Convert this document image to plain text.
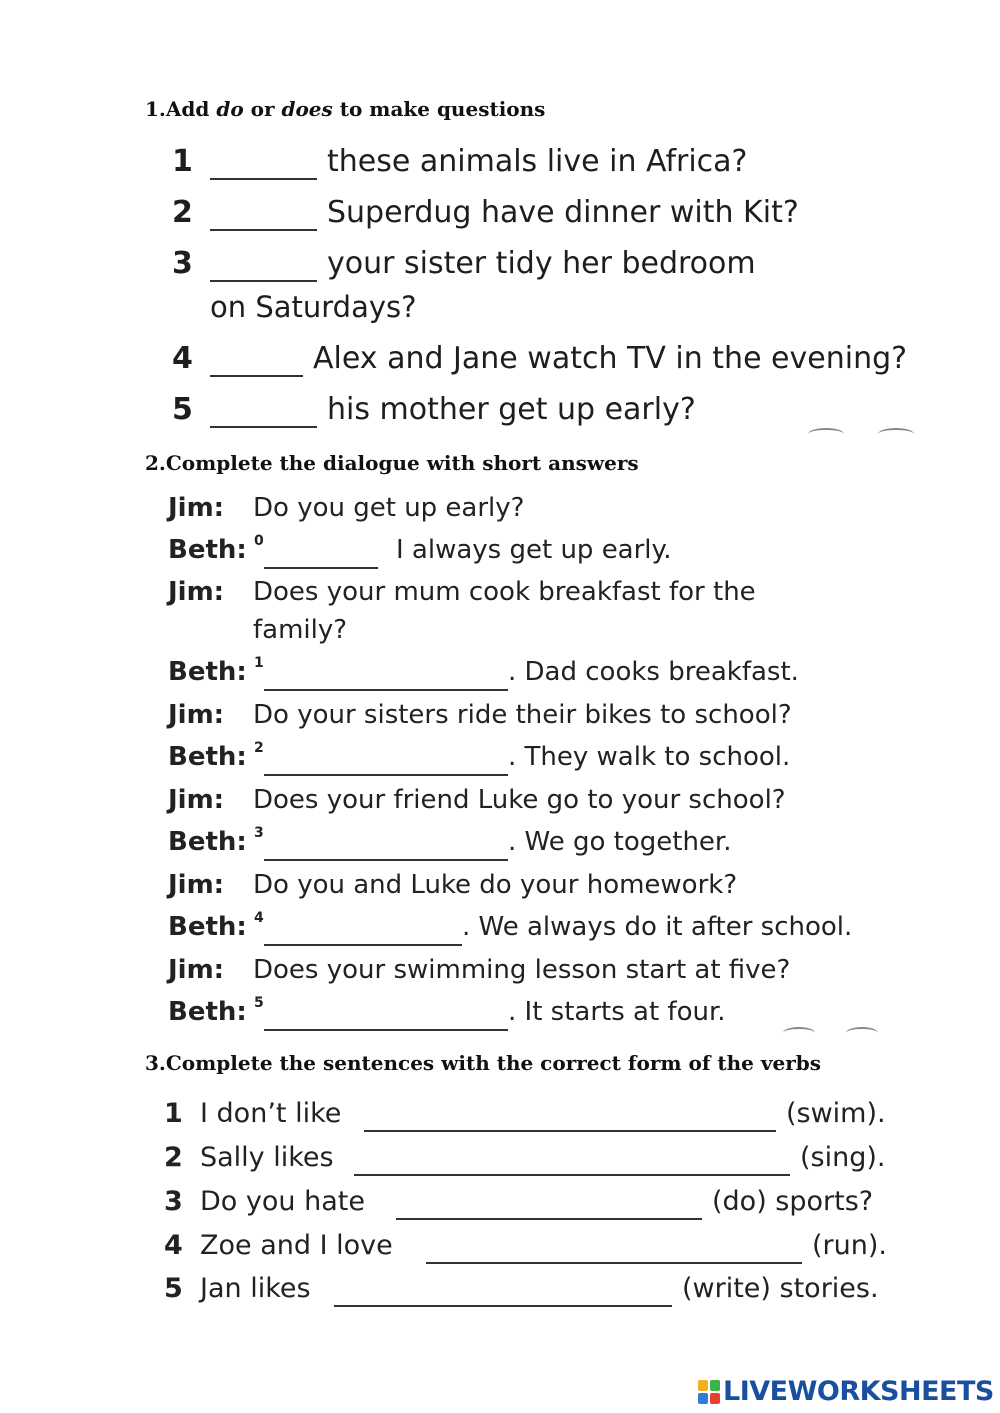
1.Add do or does to make questions
1	these animals live in Africa?
2	Superdug have dinner with Kit?
3	your sister tidy her bedroom
on Saturdays?
4	Alex and Jane watch TV in the evening?
5	his mother get up early?
2.Complete the dialogue with short answers
Jim: Do you get up early?
Beth: 0	I always get up early.
Jim: Does your mum cook breakfast for the
family?
Beth: 1	. Dad cooks breakfast.
Jim: Do your sisters ride their bikes to school?
Beth: 2	. They walk to school.
Jim: Does your friend Luke go to your school?
Beth: 3	. We go together.
Jim: Do you and Luke do your homework?
Beth: 4	. We always do it after school.
Jim: Does your swimming lesson start at five?
Beth: 5	. It starts at four.
3.Complete the sentences with the correct form of the verbs
1 I don’t like	(swim).
2 Sally likes	(sing).
3 Do you hate	(do) sports?
4 Zoe and I love	(run).
5 Jan likes	(write) stories.
LIVEWORKSHEETS
